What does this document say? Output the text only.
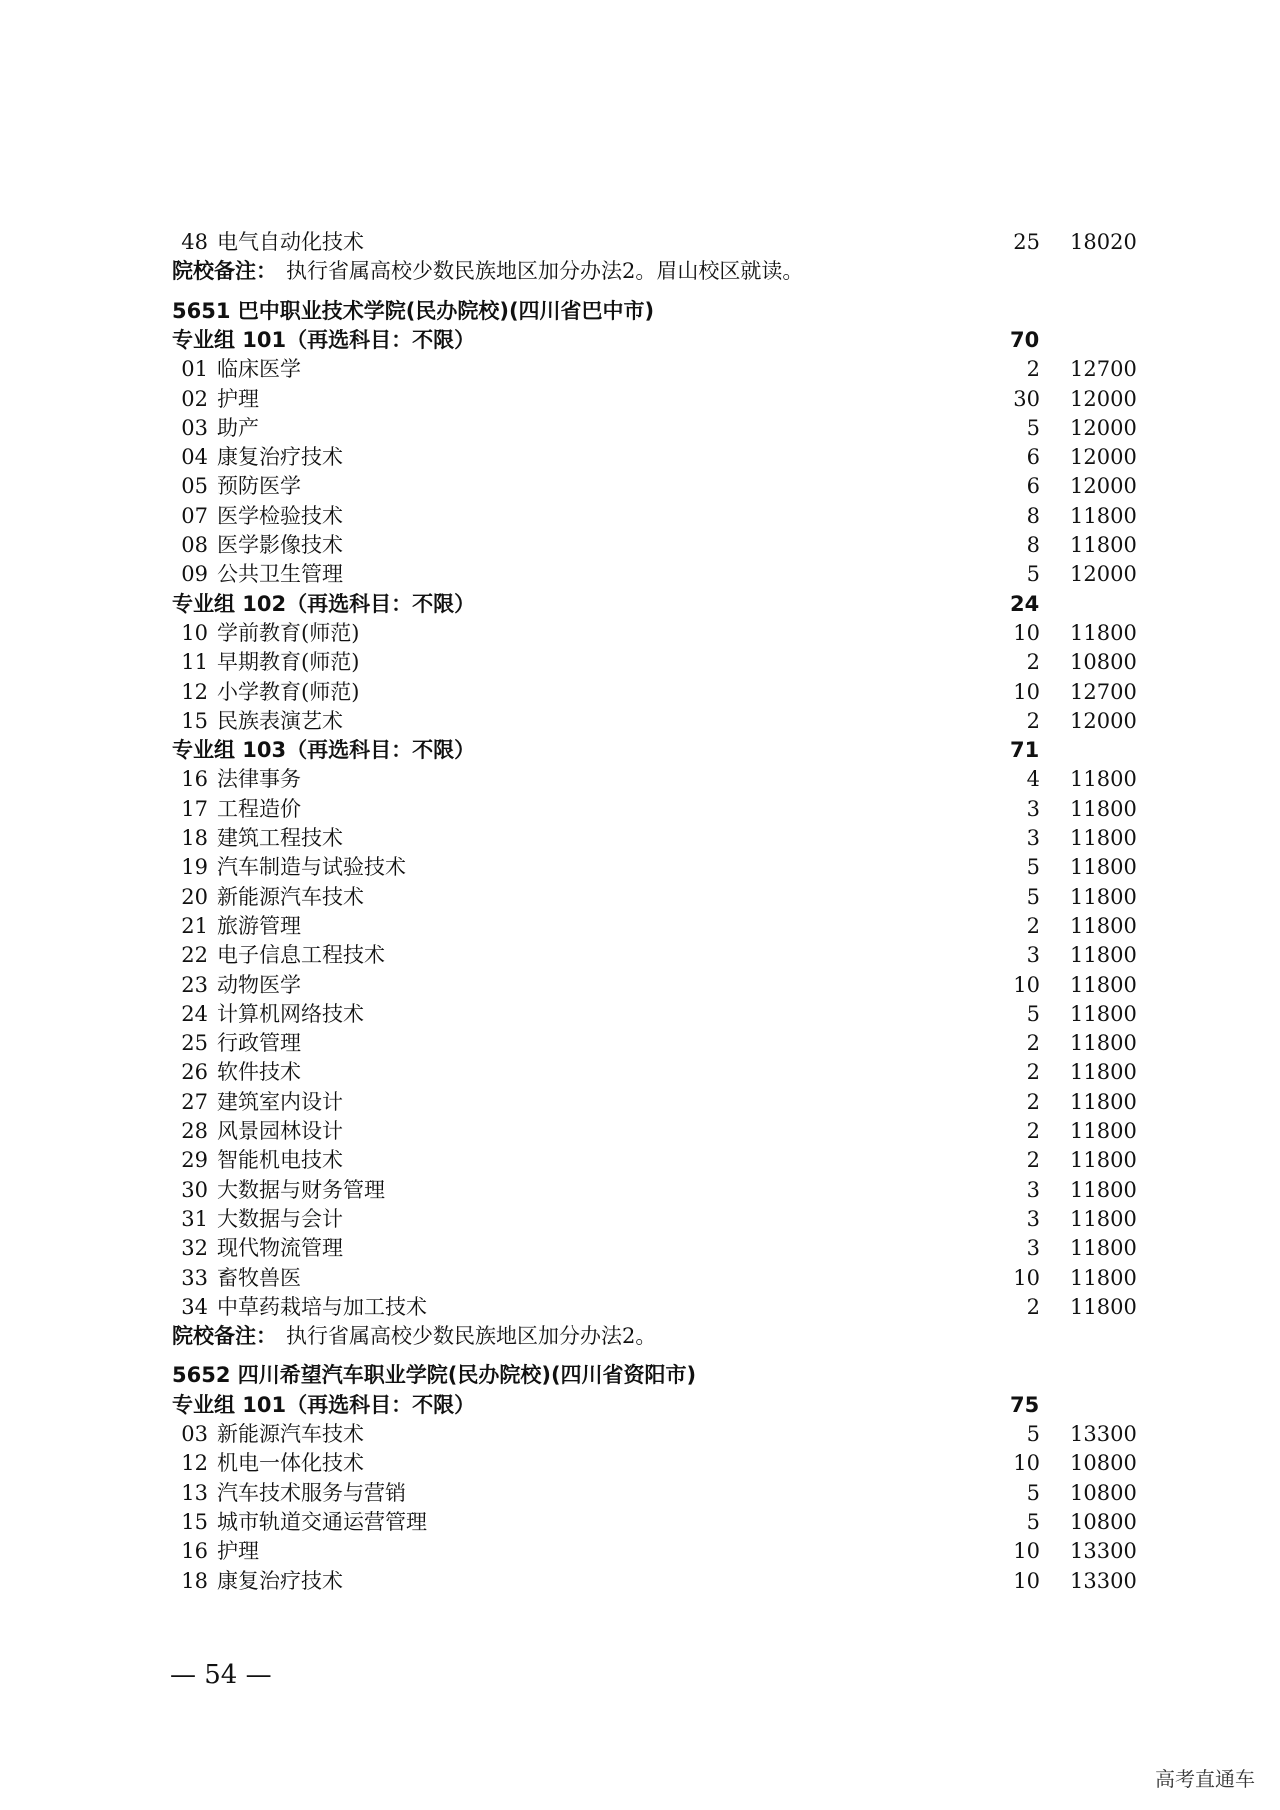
48 电气自动化技术	25 18020
院校备注： 执行省属高校少数民族地区加分办法2。眉山校区就读。
5651 巴中职业技术学院(民办院校)(四川省巴中市)
专业组 101（再选科目：不限）	70
01 临床医学	2 12700
02 护理	30 12000
03 助产	5 12000
04 康复治疗技术	6 12000
05 预防医学	6 12000
07 医学检验技术	8 11800
08 医学影像技术	8 11800
09 公共卫生管理	5 12000
专业组 102（再选科目：不限）	24
10 学前教育(师范)	10 11800
11 早期教育(师范)	2 10800
12 小学教育(师范)	10 12700
15 民族表演艺术	2 12000
专业组 103（再选科目：不限）	71
16 法律事务	4 11800
17 工程造价	3 11800
18 建筑工程技术	3 11800
19 汽车制造与试验技术	5 11800
20 新能源汽车技术	5 11800
21 旅游管理	2 11800
22 电子信息工程技术	3 11800
23 动物医学	10 11800
24 计算机网络技术	5 11800
25 行政管理	2 11800
26 软件技术	2 11800
27 建筑室内设计	2 11800
28 风景园林设计	2 11800
29 智能机电技术	2 11800
30 大数据与财务管理	3 11800
31 大数据与会计	3 11800
32 现代物流管理	3 11800
33 畜牧兽医	10 11800
34 中草药栽培与加工技术	2 11800
院校备注： 执行省属高校少数民族地区加分办法2。
5652 四川希望汽车职业学院(民办院校)(四川省资阳市)
专业组 101（再选科目：不限）	75
03 新能源汽车技术	5 13300
12 机电一体化技术	10 10800
13 汽车技术服务与营销	5 10800
15 城市轨道交通运营管理	5 10800
16 护理	10 13300
18 康复治疗技术	10 13300
— 54 —
高考直通车
